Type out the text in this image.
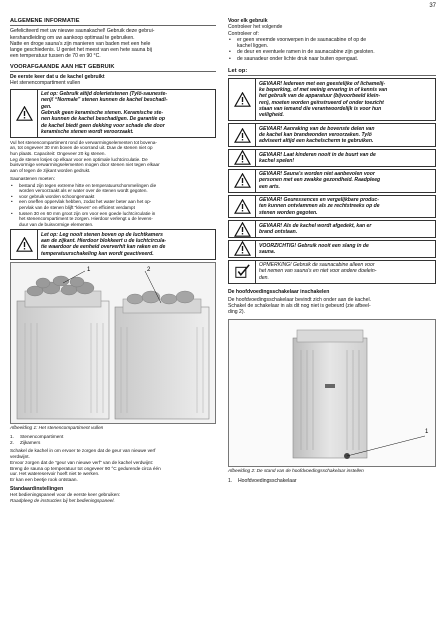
37
ALGEMENE INFORMATIE

Gefeliciteerd met uw nieuwe saunakachel! Gebruik deze gebrui-

kershandleiding om uw aankoop optimaal te gebruiken.

Natte en droge sauna’s zijn manieren van baden met een hele

lange geschiedenis. U geniet het meest van een hete sauna bij

een temperatuur tussen de 70 en 90 °C.

VOORAFGAANDE AAN HET GEBRUIK

De eerste keer dat u de kachel gebruikt

Het stenencompartiment vullen

Let op: Gebruik altijd dolerietstenen (Tylö-sauneste-

nen)! “Normale” stenen kunnen de kachel beschadi-

gen.

Gebruik geen keramische stenen. Keramische ste-

nen kunnen de kachel beschadigen. De garantie op

de kachel biedt geen dekking voor schade die door

keramische stenen wordt veroorzaakt.

Vul het stenencompartiment rond de verwarmingselementen tot bovena-

an, tot ongeveer 30 mm boven de voorrand uit. Duw de stenen niet op

hun plaats. Capaciteit: Ongeveer 20 kg stenen.

Leg de stenen losjes op elkaar voor een optimale luchtcirculatie. De

buisvormige verwarmingselementen mogen door stenen niet tegen elkaar

aan of tegen de zijkant worden gedrukt.

Saunastenen moeten:

• bestand zijn tegen extreme hitte en temperatuurschommelingen die
worden veroorzaakt als er water over de stenen wordt gegoten.
• voor gebruik worden schoongemaakt
• een oneffen oppervlak hebben, zodat het water beter aan het op-
pervlak van de stenen blijft “kleven” en efficiënt verdampt
• tussen 30 en 60 mm groot zijn om voor een goede luchtcirculatie in
het stenencompartiment te zorgen. Hierdoor verlengt u de levens-
duur van de buisvormige elementen.

Let op: Leg nooit stenen boven op de luchtkamers

aan de zijkant. Hierdoor blokkeert u de luchtcircula-

tie waardoor de eenheid oververhit kan raken en de

temperatuurschakeling kan wordt geactiveerd.

1	2

Afbeelding 1: Het stenencompartiment vullen

1. Stenencompartiment
2. Zijkamers

Schakel de kachel in om ervoer te zorgen dat de geur van nieuwe verf

verdwijnt.

Ervoor zorgen dat de “geur van nieuwe verf” van de kachel verdwijnt:

Breng de sauna op temperatuur tot ongeveer 90 °C gedurende circa één

uur. Het watereservoir hoeft niet te werken.

Er kan een beetje rook ontstaan.

Standaardinstellingen

Het bedieningspaneel voor de eerste keer gebruiken:

Raadpleeg de instructies bij het bedieningspaneel.

Voor elk gebruik

Controleer het volgende

Controleer of:

• er geen vreemde voorwerpen in de saunacabine of op de
kachel liggen.
• de deur en eventuele ramen in de saunacabine zijn gesloten.
• de saunadeur onder lichte druk naar buiten opengaat.
Let op:

GEVAAR! Iedereen met een geestelijke of lichamelij-

ke beperking, of met weinig ervaring in of kennis van

het gebruik van de apparatuur (bijvoorbeeld klein-

ren), moeten worden geïnstrueerd of onder toezicht

staan van iemand die verantwoordelijk is voor hun

veiligheid.

GEVAAR! Aanraking van de bovenste delen van

de kachel kan brandwonden veroorzaken. Tylö

adviseert altijd een kachelscherm te gebruiken.

GEVAAR! Laat kinderen nooit in de buurt van de

kachel spelen!

GEVAAR! Sauna’s worden niet aanbevolen voor

personen met een zwakke gezondheid. Raadpleeg

een arts.

GEVAAR! Geuressences en vergelijkbare produc-

ten kunnen ontvlammen als ze rechtstreeks op de

stenen worden gegoten.

GEVAAR! Als de kachel wordt afgedekt, kan er

brand ontstaan.

VOORZICHTIG! Gebruik nooit een slang in de

sauna.

OPMERKING! Gebruik de saunacabine alleen voor

het nemen van sauna’s en niet voor andere doelein-

den.

De hoofdvoedingsschakelaar inschakelen

De hoofdvoedingsschakelaar bevindt zich onder aan de kachel.

Schakel de schakelaar in als dit nog niet is gebeurd (zie afbeel-

ding 2).

1

Afbeelding 2: De stand van de hoofdvoedingsschakelaar instellen

1. Hoofdvoedingsschakelaar
